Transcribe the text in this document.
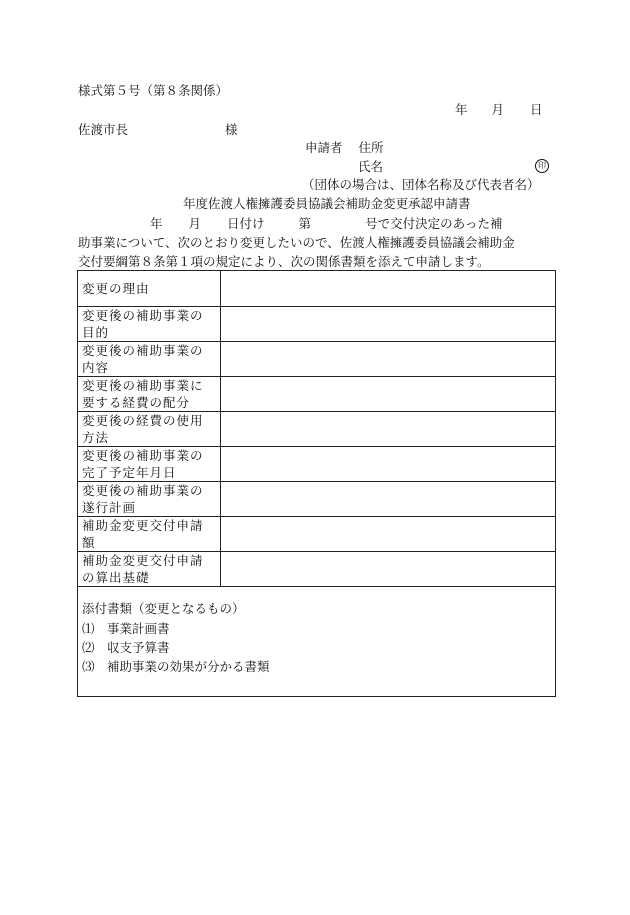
様式第５号（第８条関係）
年 月 日
佐渡市長	様
申請者 住所
氏名	印
（団体の場合は、団体名称及び代表者名）
年度佐渡人権擁護委員協議会補助金変更承認申請書
年 月 日付け	第	号で交付決定のあった補
助事業について、次のとおり変更したいので、佐渡人権擁護委員協議会補助金
交付要綱第８条第１項の規定により、次の関係書類を添えて申請します。
変更の理由	
変更後の補助事業の目的	
変更後の補助事業の内容	
変更後の補助事業に要する経費の配分	
変更後の経費の使用方法	
変更後の補助事業の完了予定年月日	
変更後の補助事業の遂行計画	
補助金変更交付申請額	
補助金変更交付申請の算出基礎	

添付書類（変更となるもの）
⑴　事業計画書
⑵　収支予算書
⑶　補助事業の効果が分かる書類	
